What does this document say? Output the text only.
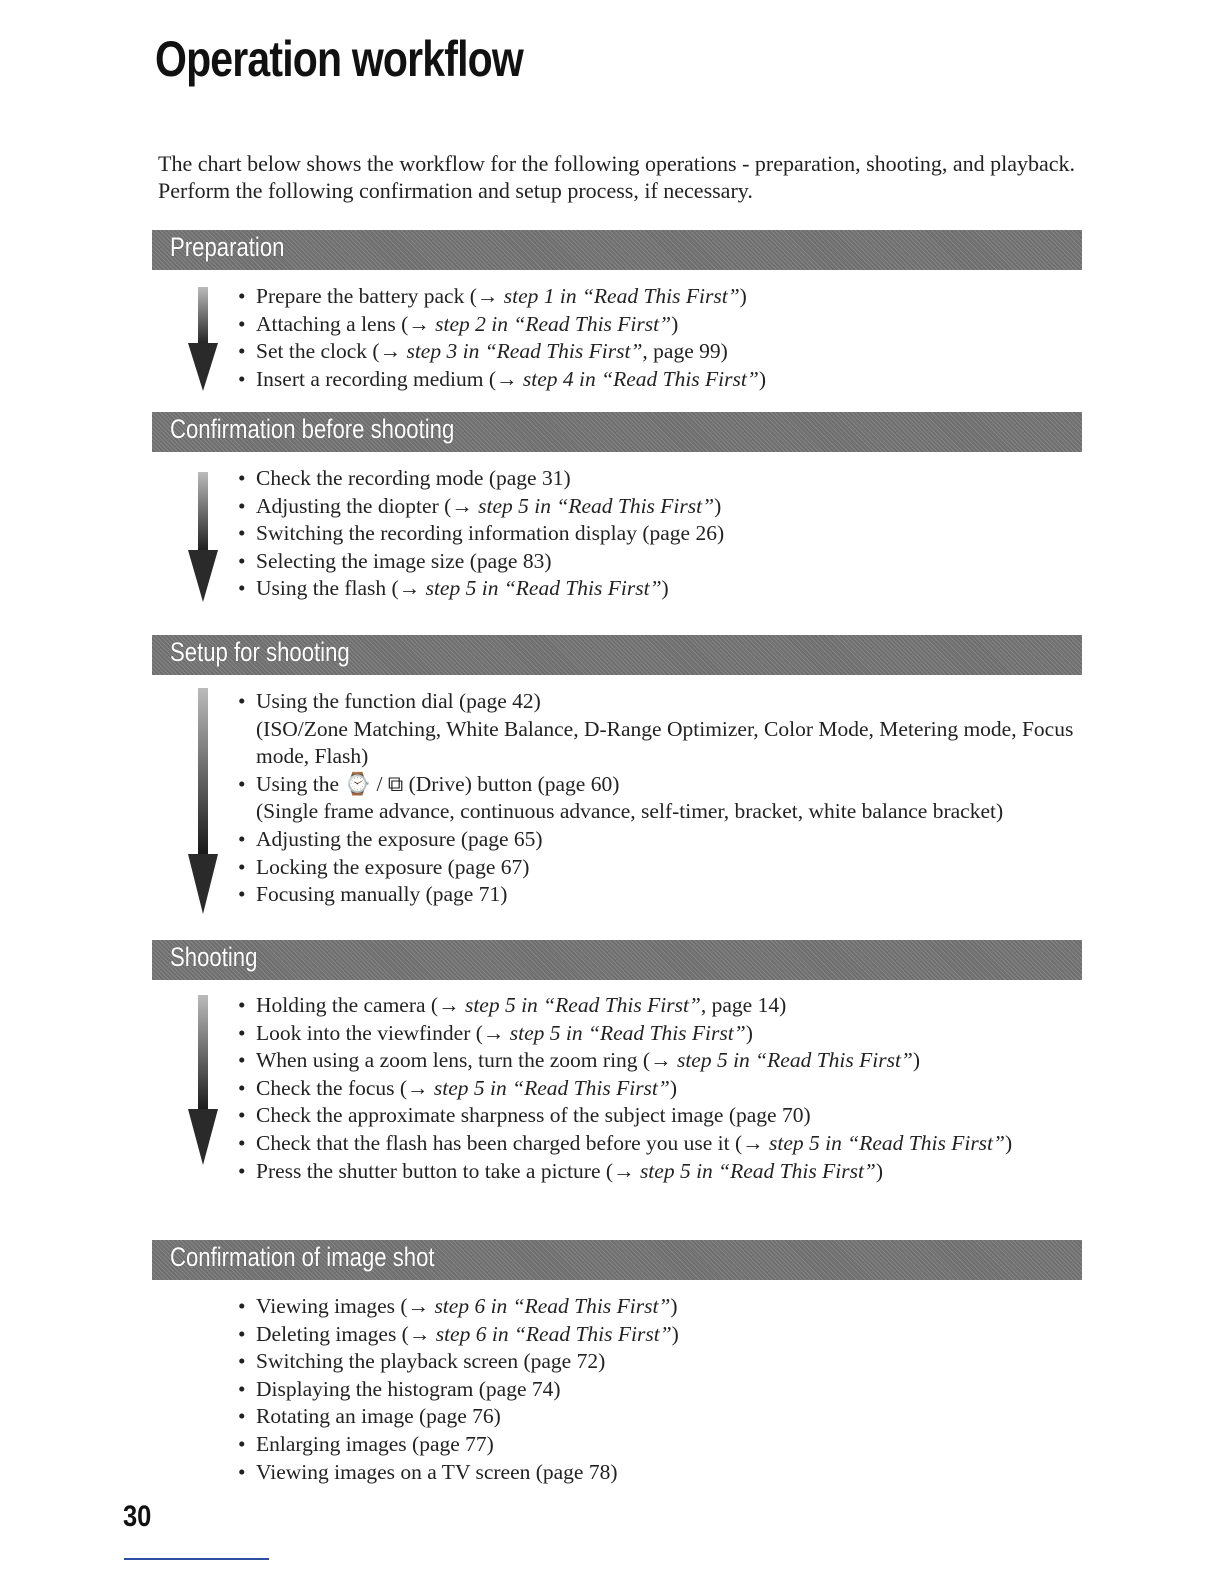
Operation workflow

The chart below shows the workflow for the following operations - preparation, shooting, and playback. Perform the following confirmation and setup process, if necessary.

Preparation
• Prepare the battery pack (→ step 1 in “Read This First”)
• Attaching a lens (→ step 2 in “Read This First”)
• Set the clock (→ step 3 in “Read This First”, page 99)
• Insert a recording medium (→ step 4 in “Read This First”)
Confirmation before shooting
• Check the recording mode (page 31)
• Adjusting the diopter (→ step 5 in “Read This First”)
• Switching the recording information display (page 26)
• Selecting the image size (page 83)
• Using the flash (→ step 5 in “Read This First”)
Setup for shooting
• Using the function dial (page 42)
(ISO/Zone Matching, White Balance, D-Range Optimizer, Color Mode, Metering mode, Focus mode, Flash)
• Using the ⌚ / ⧉ (Drive) button (page 60)
(Single frame advance, continuous advance, self-timer, bracket, white balance bracket)
• Adjusting the exposure (page 65)
• Locking the exposure (page 67)
• Focusing manually (page 71)
Shooting
• Holding the camera (→ step 5 in “Read This First”, page 14)
• Look into the viewfinder (→ step 5 in “Read This First”)
• When using a zoom lens, turn the zoom ring (→ step 5 in “Read This First”)
• Check the focus (→ step 5 in “Read This First”)
• Check the approximate sharpness of the subject image (page 70)
• Check that the flash has been charged before you use it (→ step 5 in “Read This First”)
• Press the shutter button to take a picture (→ step 5 in “Read This First”)
Confirmation of image shot
• Viewing images (→ step 6 in “Read This First”)
• Deleting images (→ step 6 in “Read This First”)
• Switching the playback screen (page 72)
• Displaying the histogram (page 74)
• Rotating an image (page 76)
• Enlarging images (page 77)
• Viewing images on a TV screen (page 78)
30
